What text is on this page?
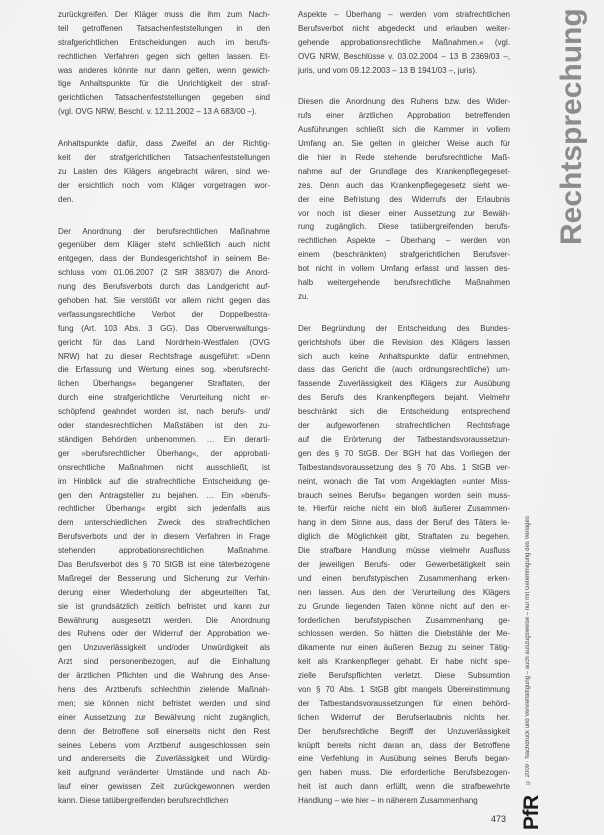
zurückgreifen. Der Kläger muss die ihm zum Nach-
teil getroffenen Tatsachenfeststellungen in den
strafgerichtlichen Entscheidungen auch im berufs-
rechtlichen Verfahren gegen sich gelten lassen. Et-
was anderes könnte nur dann gelten, wenn gewich-
tige Anhaltspunkte für die Unrichtigkeit der straf-
gerichtlichen Tatsachenfeststellungen gegeben sind
(vgl. OVG NRW, Beschl. v. 12.11.2002 – 13 A 683/00 –).
Anhaltspunkte dafür, dass Zweifel an der Richtig-
keit der strafgerichtlichen Tatsachenfeststellungen
zu Lasten des Klägers angebracht wären, sind we-
der ersichtlich noch vom Kläger vorgetragen wor-
den.
Der Anordnung der berufsrechtlichen Maßnahme
gegenüber dem Kläger steht schließlich auch nicht
entgegen, dass der Bundesgerichtshof in seinem Be-
schluss vom 01.06.2007 (2 StR 383/07) die Anord-
nung des Berufsverbots durch das Landgericht auf-
gehoben hat. Sie verstößt vor allem nicht gegen das
verfassungsrechtliche Verbot der Doppelbestra-
fung (Art. 103 Abs. 3 GG). Das Oberverwaltungs-
gericht für das Land Nordrhein-Westfalen (OVG
NRW) hat zu dieser Rechtsfrage ausgeführt: »Denn
die Erfassung und Wertung eines sog. »berufsrecht-
lichen Überhangs« begangener Straftaten, der
durch eine strafgerichtliche Verurteilung nicht er-
schöpfend geahndet worden ist, nach berufs- und/
oder standesrechtlichen Maßstäben ist den zu-
ständigen Behörden unbenommen. … Ein derarti-
ger »berufsrechtlicher Überhang«, der approbati-
onsrechtliche Maßnahmen nicht ausschließt, ist
im Hinblick auf die strafrechtliche Entscheidung ge-
gen den Antragsteller zu bejahen. … Ein »berufs-
rechtlicher Überhang« ergibt sich jedenfalls aus
dem unterschiedlichen Zweck des strafrechtlichen
Berufsverbots und der in diesem Verfahren in Frage
stehenden approbationsrechtlichen Maßnahme.
Das Berufsverbot des § 70 StGB ist eine täterbezogene
Maßregel der Besserung und Sicherung zur Verhin-
derung einer Wiederholung der abgeurteilten Tat,
sie ist grundsätzlich zeitlich befristet und kann zur
Bewährung ausgesetzt werden. Die Anordnung
des Ruhens oder der Widerruf der Approbation we-
gen Unzuverlässigkeit und/oder Unwürdigkeit als
Arzt sind personenbezogen, auf die Einhaltung
der ärztlichen Pflichten und die Wahrung des Anse-
hens des Arztberufs schlechthin zielende Maßnah-
men; sie können nicht befristet werden und sind
einer Aussetzung zur Bewährung nicht zugänglich,
denn der Betroffene soll einerseits nicht den Rest
seines Lebens vom Arztberuf ausgeschlossen sein
und andererseits die Zuverlässigkeit und Würdig-
keit aufgrund veränderter Umstände und nach Ab-
lauf einer gewissen Zeit zurückgewonnen werden
kann. Diese tatübergreifenden berufsrechtlichen
Aspekte – Überhang – werden vom strafrechtlichen
Berufsverbot nicht abgedeckt und erlauben weiter-
gehende approbationsrechtliche Maßnahmen.« (vgl.
OVG NRW, Beschlüsse v. 03.02.2004 – 13 B 2369/03 –,
juris, und vom 09.12.2003 – 13 B 1941/03 –, juris).
Diesen die Anordnung des Ruhens bzw. des Wider-
rufs einer ärztlichen Approbation betreffenden
Ausführungen schließt sich die Kammer in vollem
Umfang an. Sie gelten in gleicher Weise auch für
die hier in Rede stehende berufsrechtliche Maß-
nahme auf der Grundlage des Krankenpflegegeset-
zes. Denn auch das Krankenpflegegesetz sieht we-
der eine Befristung des Widerrufs der Erlaubnis
vor noch ist dieser einer Aussetzung zur Bewäh-
rung zugänglich. Diese tatübergreifenden berufs-
rechtlichen Aspekte – Überhang – werden von
einem (beschränkten) strafgerichtlichen Berufsver-
bot nicht in vollem Umfang erfasst und lassen des-
halb weitergehende berufsrechtliche Maßnahmen
zu.
Der Begründung der Entscheidung des Bundes-
gerichtshofs über die Revision des Klägers lassen
sich auch keine Anhaltspunkte dafür entnehmen,
dass das Gericht die (auch ordnungsrechtliche) um-
fassende Zuverlässigkeit des Klägers zur Ausübung
des Berufs des Krankenpflegers bejaht. Vielmehr
beschränkt sich die Entscheidung entsprechend
der aufgeworfenen strafrechtlichen Rechtsfrage
auf die Erörterung der Tatbestandsvoraussetzun-
gen des § 70 StGB. Der BGH hat das Vorliegen der
Tatbestandsvoraussetzung des § 70 Abs. 1 StGB ver-
neint, wonach die Tat vom Angeklagten »unter Miss-
brauch seines Berufs« begangen worden sein muss-
te. Hierfür reiche nicht ein bloß äußerer Zusammen-
hang in dem Sinne aus, dass der Beruf des Täters le-
diglich die Möglichkeit gibt, Straftaten zu begehen.
Die strafbare Handlung müsse vielmehr Ausfluss
der jeweiligen Berufs- oder Gewerbetätigkeit sein
und einen berufstypischen Zusammenhang erken-
nen lassen. Aus den der Verurteilung des Klägers
zu Grunde liegenden Taten könne nicht auf den er-
forderlichen berufstypischen Zusammenhang ge-
schlossen werden. So hätten die Diebstähle der Me-
dikamente nur einen äußeren Bezug zu seiner Tätig-
keit als Krankenpfleger gehabt. Er habe nicht spe-
zielle Berufspflichten verletzt. Diese Subsumtion
von § 70 Abs. 1 StGB gibt mangels Übereinstimmung
der Tatbestandsvoraussetzungen für einen behörd-
lichen Widerruf der Berufserlaubnis nichts her.
Der berufsrechtliche Begriff der Unzuverlässigkeit
knüpft bereits nicht daran an, dass der Betroffene
eine Verfehlung in Ausübung seines Berufs began-
gen haben muss. Die erforderliche Berufsbezogen-
heit ist auch dann erfüllt, wenn die strafbewehrte
Handlung – wie hier – in näherem Zusammenhang
Rechtsprechung
© 2009 · Nachdruck und Vervielfältigung – auch auszugsweise – nur mit Genehmigung des Verlages
PfR
473
